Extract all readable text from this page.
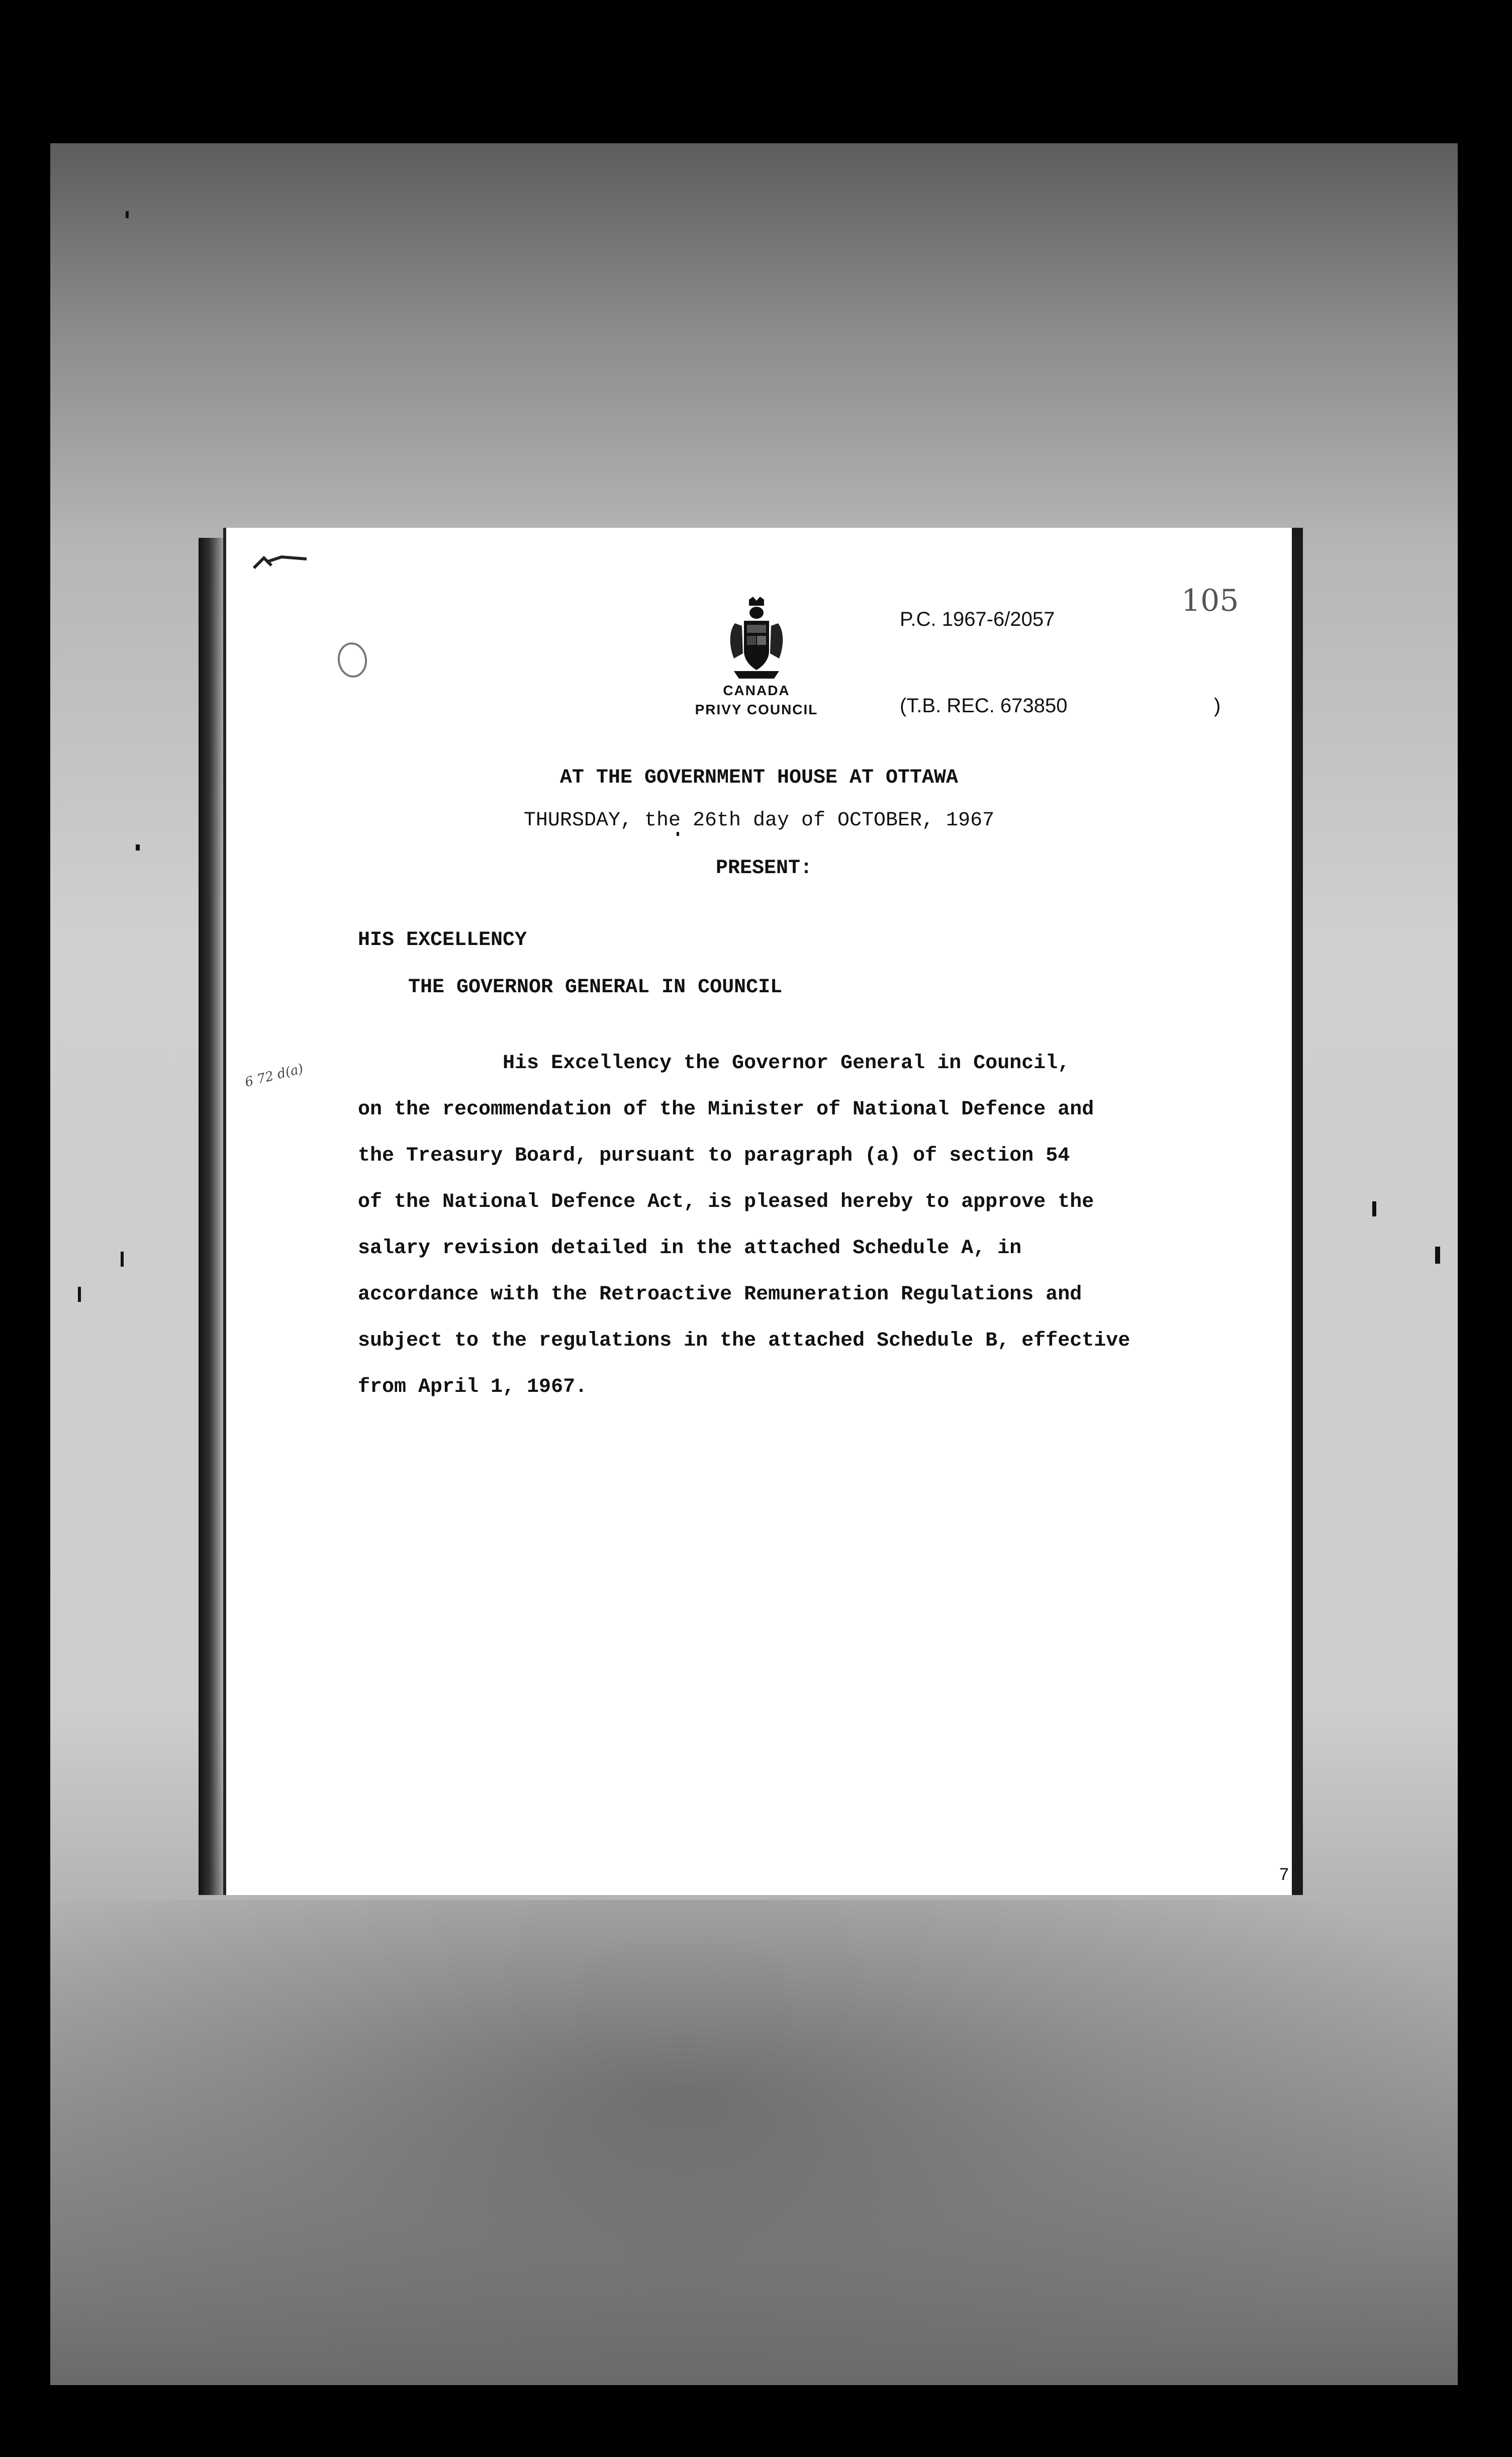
CANADA
PRIVY COUNCIL
P.C. 1967-6/2057
105
(T.B. REC. 673850	)
AT THE GOVERNMENT HOUSE AT OTTAWA
THURSDAY, the 26th day of OCTOBER, 1967
PRESENT:
HIS EXCELLENCY
THE GOVERNOR GENERAL IN COUNCIL
6 72 d(a)	His Excellency the Governor General in Council,
on the recommendation of the Minister of National Defence and
the Treasury Board, pursuant to paragraph (a) of section 54
of the National Defence Act, is pleased hereby to approve the
salary revision detailed in the attached Schedule A, in
accordance with the Retroactive Remuneration Regulations and
subject to the regulations in the attached Schedule B, effective
from April 1, 1967.
7
